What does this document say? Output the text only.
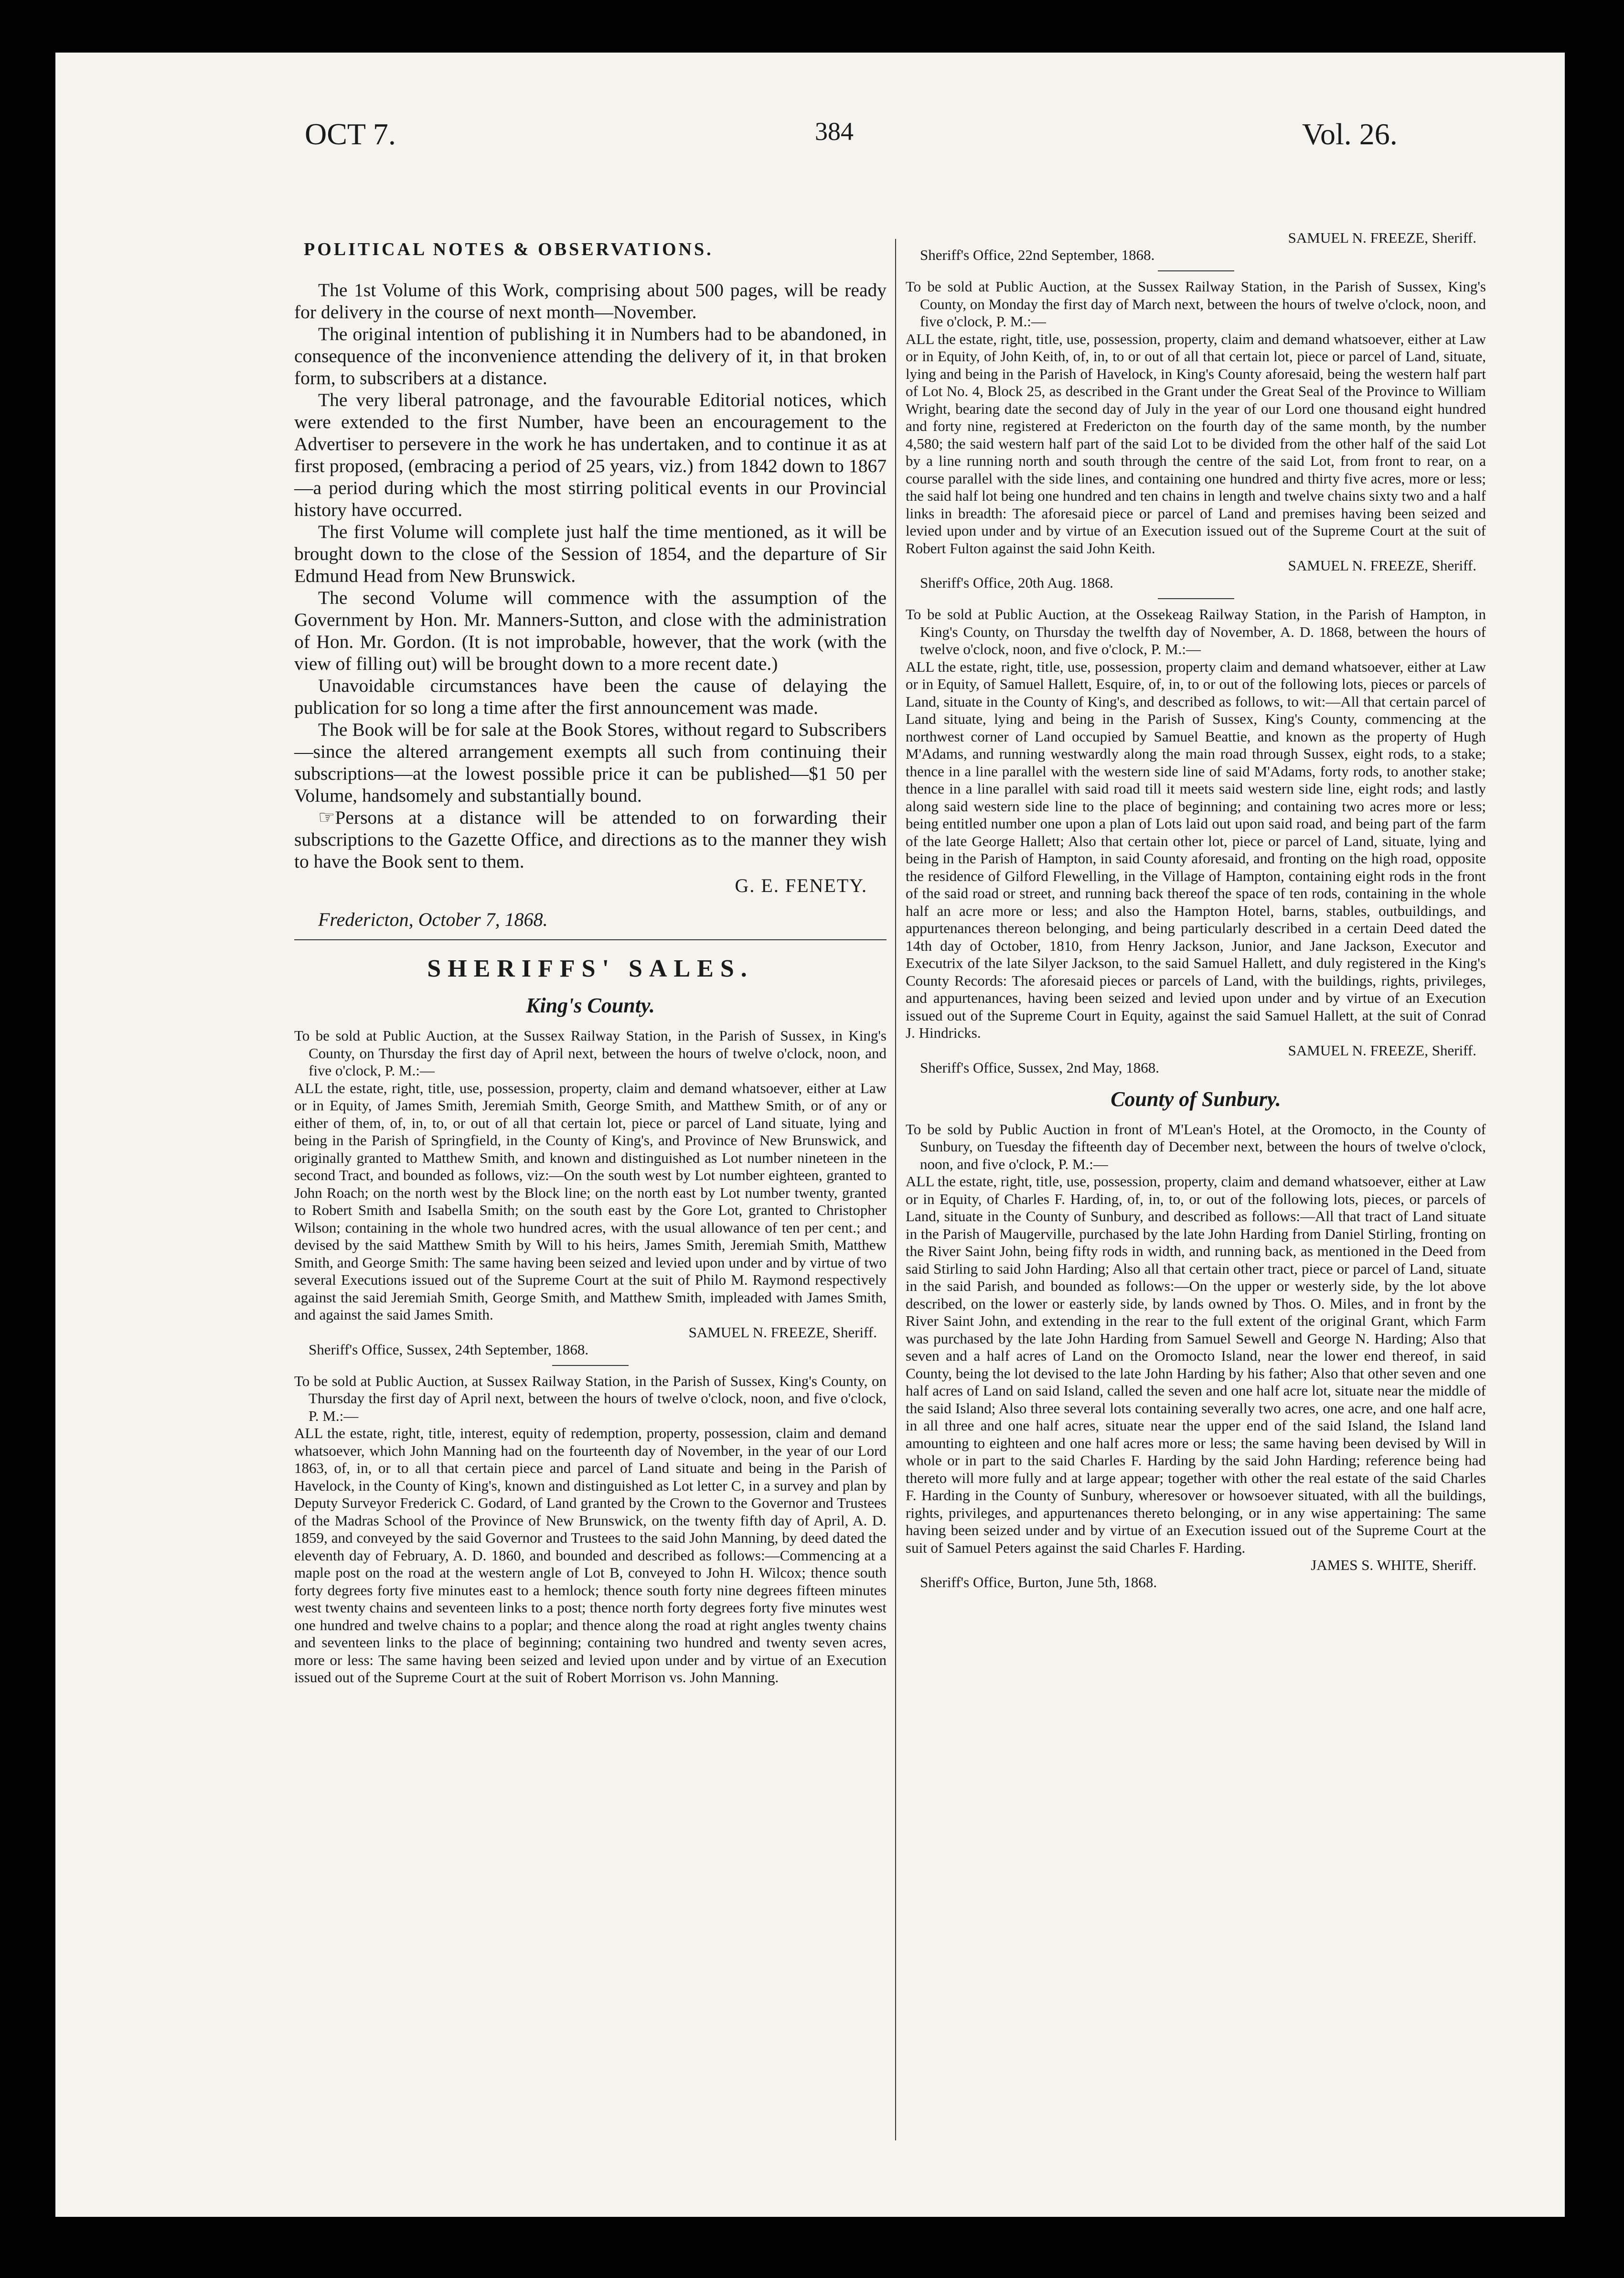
OCT 7.	384	Vol. 26.
POLITICAL NOTES & OBSERVATIONS.

The 1st Volume of this Work, comprising about 500 pages, will be ready for delivery in the course of next month—November.

The original intention of publishing it in Numbers had to be abandoned, in consequence of the inconvenience attending the delivery of it, in that broken form, to subscribers at a distance.

The very liberal patronage, and the favourable Editorial notices, which were extended to the first Number, have been an encouragement to the Advertiser to persevere in the work he has undertaken, and to continue it as at first proposed, (embracing a period of 25 years, viz.) from 1842 down to 1867—a period during which the most stirring political events in our Provincial history have occurred.

The first Volume will complete just half the time mentioned, as it will be brought down to the close of the Session of 1854, and the departure of Sir Edmund Head from New Brunswick.

The second Volume will commence with the assumption of the Government by Hon. Mr. Manners-Sutton, and close with the administration of Hon. Mr. Gordon. (It is not improbable, however, that the work (with the view of filling out) will be brought down to a more recent date.)

Unavoidable circumstances have been the cause of delaying the publication for so long a time after the first announcement was made.

The Book will be for sale at the Book Stores, without regard to Subscribers—since the altered arrangement exempts all such from continuing their subscriptions—at the lowest possible price it can be published—$1 50 per Volume, handsomely and substantially bound.

☞Persons at a distance will be attended to on forwarding their subscriptions to the Gazette Office, and directions as to the manner they wish to have the Book sent to them.

G. E. FENETY.
Fredericton, October 7, 1868.
SHERIFFS' SALES.
King's County.

To be sold at Public Auction, at the Sussex Railway Station, in the Parish of Sussex, in King's County, on Thursday the first day of April next, between the hours of twelve o'clock, noon, and five o'clock, P. M.:—

ALL the estate, right, title, use, possession, property, claim and demand whatsoever, either at Law or in Equity, of James Smith, Jeremiah Smith, George Smith, and Matthew Smith, or of any or either of them, of, in, to, or out of all that certain lot, piece or parcel of Land situate, lying and being in the Parish of Springfield, in the County of King's, and Province of New Brunswick, and originally granted to Matthew Smith, and known and distinguished as Lot number nineteen in the second Tract, and bounded as follows, viz:—On the south west by Lot number eighteen, granted to John Roach; on the north west by the Block line; on the north east by Lot number twenty, granted to Robert Smith and Isabella Smith; on the south east by the Gore Lot, granted to Christopher Wilson; containing in the whole two hundred acres, with the usual allowance of ten per cent.; and devised by the said Matthew Smith by Will to his heirs, James Smith, Jeremiah Smith, Matthew Smith, and George Smith: The same having been seized and levied upon under and by virtue of two several Executions issued out of the Supreme Court at the suit of Philo M. Raymond respectively against the said Jeremiah Smith, George Smith, and Matthew Smith, impleaded with James Smith, and against the said James Smith.

SAMUEL N. FREEZE, Sheriff.
Sheriff's Office, Sussex, 24th September, 1868.

To be sold at Public Auction, at Sussex Railway Station, in the Parish of Sussex, King's County, on Thursday the first day of April next, between the hours of twelve o'clock, noon, and five o'clock, P. M.:—

ALL the estate, right, title, interest, equity of redemption, property, possession, claim and demand whatsoever, which John Manning had on the fourteenth day of November, in the year of our Lord 1863, of, in, or to all that certain piece and parcel of Land situate and being in the Parish of Havelock, in the County of King's, known and distinguished as Lot letter C, in a survey and plan by Deputy Surveyor Frederick C. Godard, of Land granted by the Crown to the Governor and Trustees of the Madras School of the Province of New Brunswick, on the twenty fifth day of April, A. D. 1859, and conveyed by the said Governor and Trustees to the said John Manning, by deed dated the eleventh day of February, A. D. 1860, and bounded and described as follows:—Commencing at a maple post on the road at the western angle of Lot B, conveyed to John H. Wilcox; thence south forty degrees forty five minutes east to a hemlock; thence south forty nine degrees fifteen minutes west twenty chains and seventeen links to a post; thence north forty degrees forty five minutes west one hundred and twelve chains to a poplar; and thence along the road at right angles twenty chains and seventeen links to the place of beginning; containing two hundred and twenty seven acres, more or less: The same having been seized and levied upon under and by virtue of an Execution issued out of the Supreme Court at the suit of Robert Morrison vs. John Manning.

SAMUEL N. FREEZE, Sheriff.
Sheriff's Office, 22nd September, 1868.

To be sold at Public Auction, at the Sussex Railway Station, in the Parish of Sussex, King's County, on Monday the first day of March next, between the hours of twelve o'clock, noon, and five o'clock, P. M.:—

ALL the estate, right, title, use, possession, property, claim and demand whatsoever, either at Law or in Equity, of John Keith, of, in, to or out of all that certain lot, piece or parcel of Land, situate, lying and being in the Parish of Havelock, in King's County aforesaid, being the western half part of Lot No. 4, Block 25, as described in the Grant under the Great Seal of the Province to William Wright, bearing date the second day of July in the year of our Lord one thousand eight hundred and forty nine, registered at Fredericton on the fourth day of the same month, by the number 4,580; the said western half part of the said Lot to be divided from the other half of the said Lot by a line running north and south through the centre of the said Lot, from front to rear, on a course parallel with the side lines, and containing one hundred and thirty five acres, more or less; the said half lot being one hundred and ten chains in length and twelve chains sixty two and a half links in breadth: The aforesaid piece or parcel of Land and premises having been seized and levied upon under and by virtue of an Execution issued out of the Supreme Court at the suit of Robert Fulton against the said John Keith.

SAMUEL N. FREEZE, Sheriff.
Sheriff's Office, 20th Aug. 1868.

To be sold at Public Auction, at the Ossekeag Railway Station, in the Parish of Hampton, in King's County, on Thursday the twelfth day of November, A. D. 1868, between the hours of twelve o'clock, noon, and five o'clock, P. M.:—

ALL the estate, right, title, use, possession, property claim and demand whatsoever, either at Law or in Equity, of Samuel Hallett, Esquire, of, in, to or out of the following lots, pieces or parcels of Land, situate in the County of King's, and described as follows, to wit:—All that certain parcel of Land situate, lying and being in the Parish of Sussex, King's County, commencing at the northwest corner of Land occupied by Samuel Beattie, and known as the property of Hugh M'Adams, and running westwardly along the main road through Sussex, eight rods, to a stake; thence in a line parallel with the western side line of said M'Adams, forty rods, to another stake; thence in a line parallel with said road till it meets said western side line, eight rods; and lastly along said western side line to the place of beginning; and containing two acres more or less; being entitled number one upon a plan of Lots laid out upon said road, and being part of the farm of the late George Hallett; Also that certain other lot, piece or parcel of Land, situate, lying and being in the Parish of Hampton, in said County aforesaid, and fronting on the high road, opposite the residence of Gilford Flewelling, in the Village of Hampton, containing eight rods in the front of the said road or street, and running back thereof the space of ten rods, containing in the whole half an acre more or less; and also the Hampton Hotel, barns, stables, outbuildings, and appurtenances thereon belonging, and being particularly described in a certain Deed dated the 14th day of October, 1810, from Henry Jackson, Junior, and Jane Jackson, Executor and Executrix of the late Silyer Jackson, to the said Samuel Hallett, and duly registered in the King's County Records: The aforesaid pieces or parcels of Land, with the buildings, rights, privileges, and appurtenances, having been seized and levied upon under and by virtue of an Execution issued out of the Supreme Court in Equity, against the said Samuel Hallett, at the suit of Conrad J. Hindricks.

SAMUEL N. FREEZE, Sheriff.
Sheriff's Office, Sussex, 2nd May, 1868.
County of Sunbury.

To be sold by Public Auction in front of M'Lean's Hotel, at the Oromocto, in the County of Sunbury, on Tuesday the fifteenth day of December next, between the hours of twelve o'clock, noon, and five o'clock, P. M.:—

ALL the estate, right, title, use, possession, property, claim and demand whatsoever, either at Law or in Equity, of Charles F. Harding, of, in, to, or out of the following lots, pieces, or parcels of Land, situate in the County of Sunbury, and described as follows:—All that tract of Land situate in the Parish of Maugerville, purchased by the late John Harding from Daniel Stirling, fronting on the River Saint John, being fifty rods in width, and running back, as mentioned in the Deed from said Stirling to said John Harding; Also all that certain other tract, piece or parcel of Land, situate in the said Parish, and bounded as follows:—On the upper or westerly side, by the lot above described, on the lower or easterly side, by lands owned by Thos. O. Miles, and in front by the River Saint John, and extending in the rear to the full extent of the original Grant, which Farm was purchased by the late John Harding from Samuel Sewell and George N. Harding; Also that seven and a half acres of Land on the Oromocto Island, near the lower end thereof, in said County, being the lot devised to the late John Harding by his father; Also that other seven and one half acres of Land on said Island, called the seven and one half acre lot, situate near the middle of the said Island; Also three several lots containing severally two acres, one acre, and one half acre, in all three and one half acres, situate near the upper end of the said Island, the Island land amounting to eighteen and one half acres more or less; the same having been devised by Will in whole or in part to the said Charles F. Harding by the said John Harding; reference being had thereto will more fully and at large appear; together with other the real estate of the said Charles F. Harding in the County of Sunbury, wheresover or howsoever situated, with all the buildings, rights, privileges, and appurtenances thereto belonging, or in any wise appertaining: The same having been seized under and by virtue of an Execution issued out of the Supreme Court at the suit of Samuel Peters against the said Charles F. Harding.

JAMES S. WHITE, Sheriff.
Sheriff's Office, Burton, June 5th, 1868.
